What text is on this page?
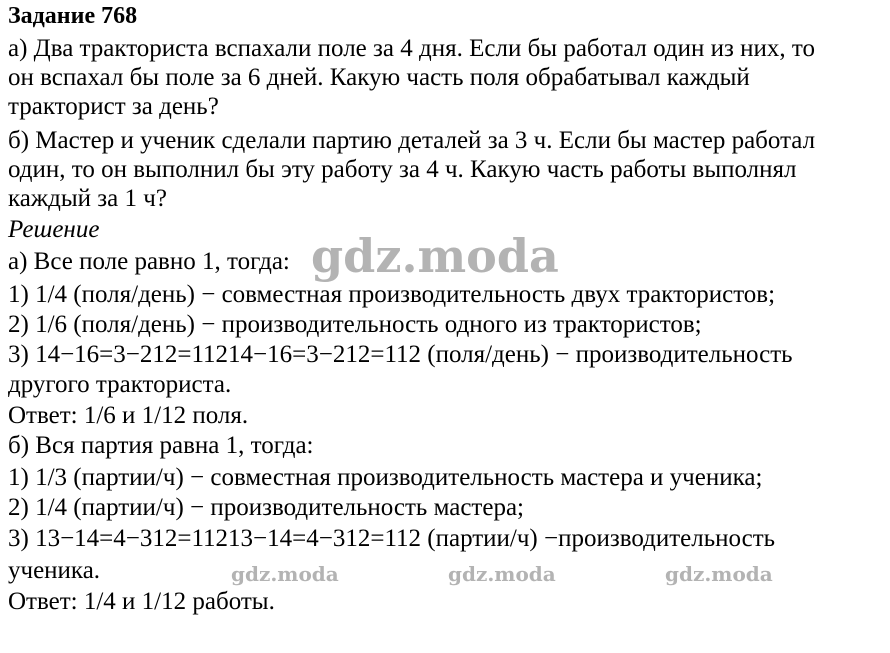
Задание 768
а) Два тракториста вспахали поле за 4 дня. Если бы работал один из них, то
он вспахал бы поле за 6 дней. Какую часть поля обрабатывал каждый
тракторист за день?
б) Мастер и ученик сделали партию деталей за 3 ч. Если бы мастер работал
один, то он выполнил бы эту работу за 4 ч. Какую часть работы выполнял
каждый за 1 ч?
Решение
а) Все поле равно 1, тогда:
1) 1/4 (поля/день) − совместная производительность двух трактористов;
2) 1/6 (поля/день) − производительность одного из трактористов;
3) 14−16=3−212=11214−16=3−212=112 (поля/день) − производительность
другого тракториста.
Ответ: 1/6 и 1/12 поля.
б) Вся партия равна 1, тогда:
1) 1/3 (партии/ч) − совместная производительность мастера и ученика;
2) 1/4 (партии/ч) − производительность мастера;
3) 13−14=4−312=11213−14=4−312=112 (партии/ч) −производительность
ученика.
Ответ: 1/4 и 1/12 работы.
gdz.moda
gdz.moda	gdz.moda	gdz.moda
